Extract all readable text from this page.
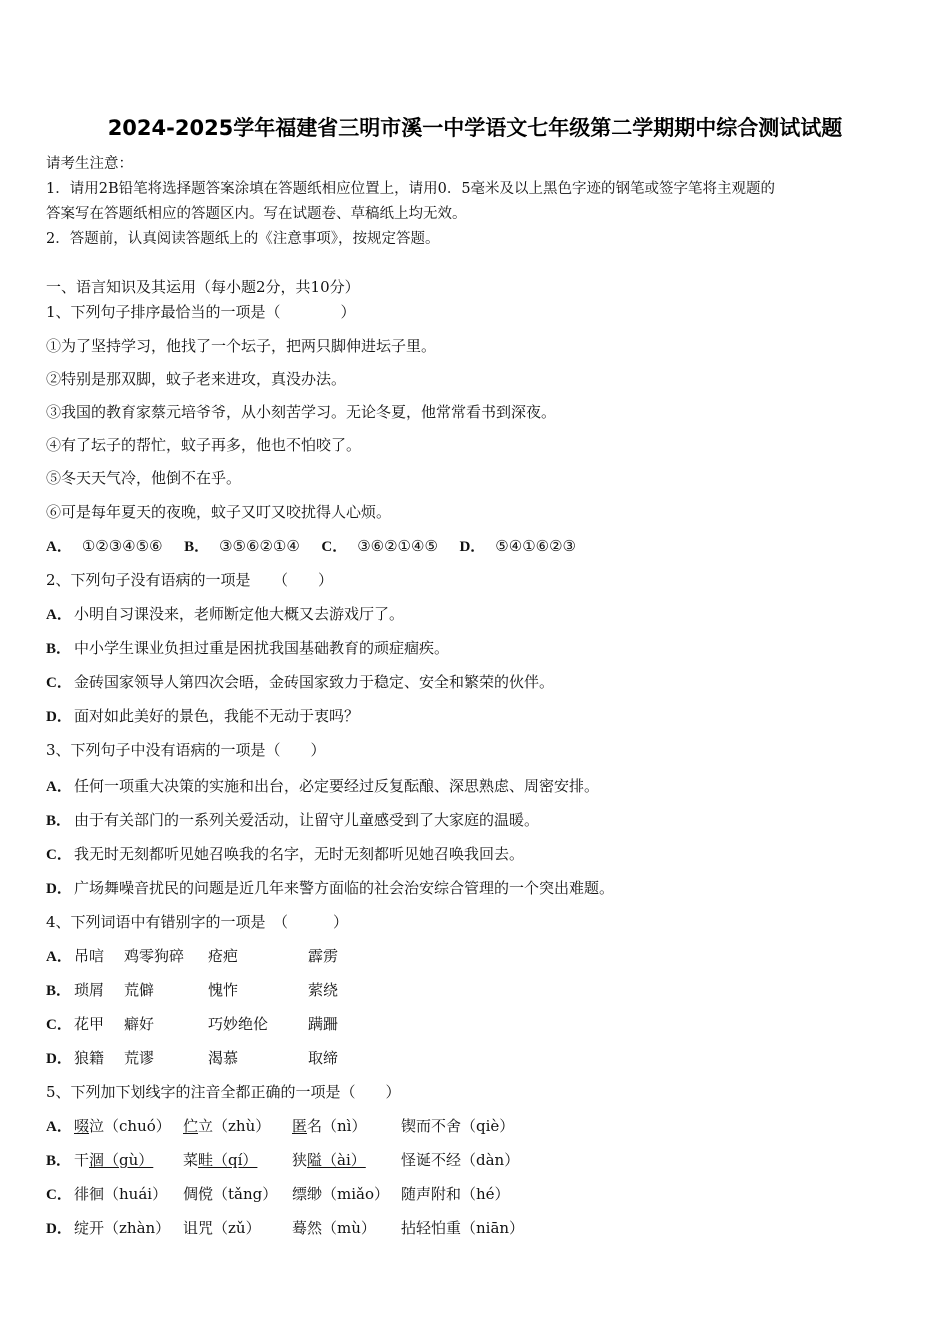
2024-2025学年福建省三明市溪一中学语文七年级第二学期期中综合测试试题
请考生注意：
1．请用2B铅笔将选择题答案涂填在答题纸相应位置上，请用0．5毫米及以上黑色字迹的钢笔或签字笔将主观题的
答案写在答题纸相应的答题区内。写在试题卷、草稿纸上均无效。
2．答题前，认真阅读答题纸上的《注意事项》，按规定答题。
一、语言知识及其运用（每小题2分，共10分）
1、下列句子排序最恰当的一项是（　　　　）
①为了坚持学习，他找了一个坛子，把两只脚伸进坛子里。
②特别是那双脚，蚊子老来进攻，真没办法。
③我国的教育家蔡元培爷爷，从小刻苦学习。无论冬夏，他常常看书到深夜。
④有了坛子的帮忙，蚊子再多，他也不怕咬了。
⑤冬天天气冷，他倒不在乎。
⑥可是每年夏天的夜晚，蚊子又叮又咬扰得人心烦。
A． ①②③④⑤⑥ B． ③⑤⑥②①④ C． ③⑥②①④⑤ D． ⑤④①⑥②③
2、下列句子没有语病的一项是　　（　　）
A． 小明自习课没来，老师断定他大概又去游戏厅了。
B． 中小学生课业负担过重是困扰我国基础教育的顽症痼疾。
C． 金砖国家领导人第四次会晤，金砖国家致力于稳定、安全和繁荣的伙伴。
D． 面对如此美好的景色，我能不无动于衷吗？
3、下列句子中没有语病的一项是（　　）
A． 任何一项重大决策的实施和出台，必定要经过反复酝酿、深思熟虑、周密安排。
B． 由于有关部门的一系列关爱活动，让留守儿童感受到了大家庭的温暖。
C． 我无时无刻都听见她召唤我的名字，无时无刻都听见她召唤我回去。
D． 广场舞噪音扰民的问题是近几年来警方面临的社会治安综合管理的一个突出难题。
4、下列词语中有错别字的一项是　（　　　）
A． 吊唁 鸡零狗碎 疮疤	霹雳
B． 琐屑 荒僻	愧怍	萦绕
C． 花甲 癖好	巧妙绝伦	蹒跚
D． 狼籍 荒谬	渴慕	取缔
5、下列加下划线字的注音全都正确的一项是（　　）
A． 啜泣（chuó） 伫立（zhù） 匿名（nì） 锲而不舍（qiè）
B． 干涸（gù） 菜畦（qí） 狭隘（ài） 怪诞不经（dàn）
C． 徘徊（huái） 倜傥（tǎng） 缥缈（miǎo） 随声附和（hé）
D． 绽开（zhàn） 诅咒（zǔ） 蓦然（mù） 拈轻怕重（niān）
